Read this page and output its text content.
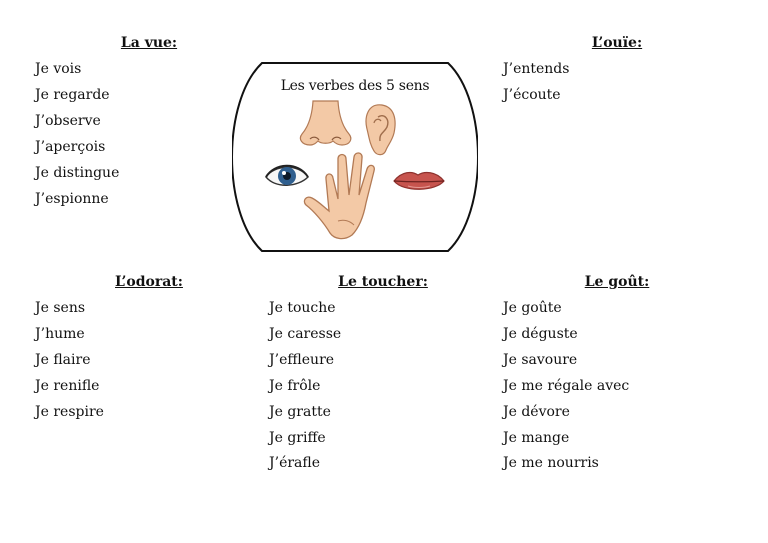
La vue:
Je vois
Je regarde
J’observe
J’aperçois
Je distingue
J’espionne
L’ouïe:
J’entends
J’écoute
Les verbes des 5 sens
L’odorat:
Je sens
J’hume
Je flaire
Je renifle
Je respire
Le toucher:
Je touche
Je caresse
J’effleure
Je frôle
Je gratte
Je griffe
J’érafle
Le goût:
Je goûte
Je déguste
Je savoure
Je me régale avec
Je dévore
Je mange
Je me nourris
